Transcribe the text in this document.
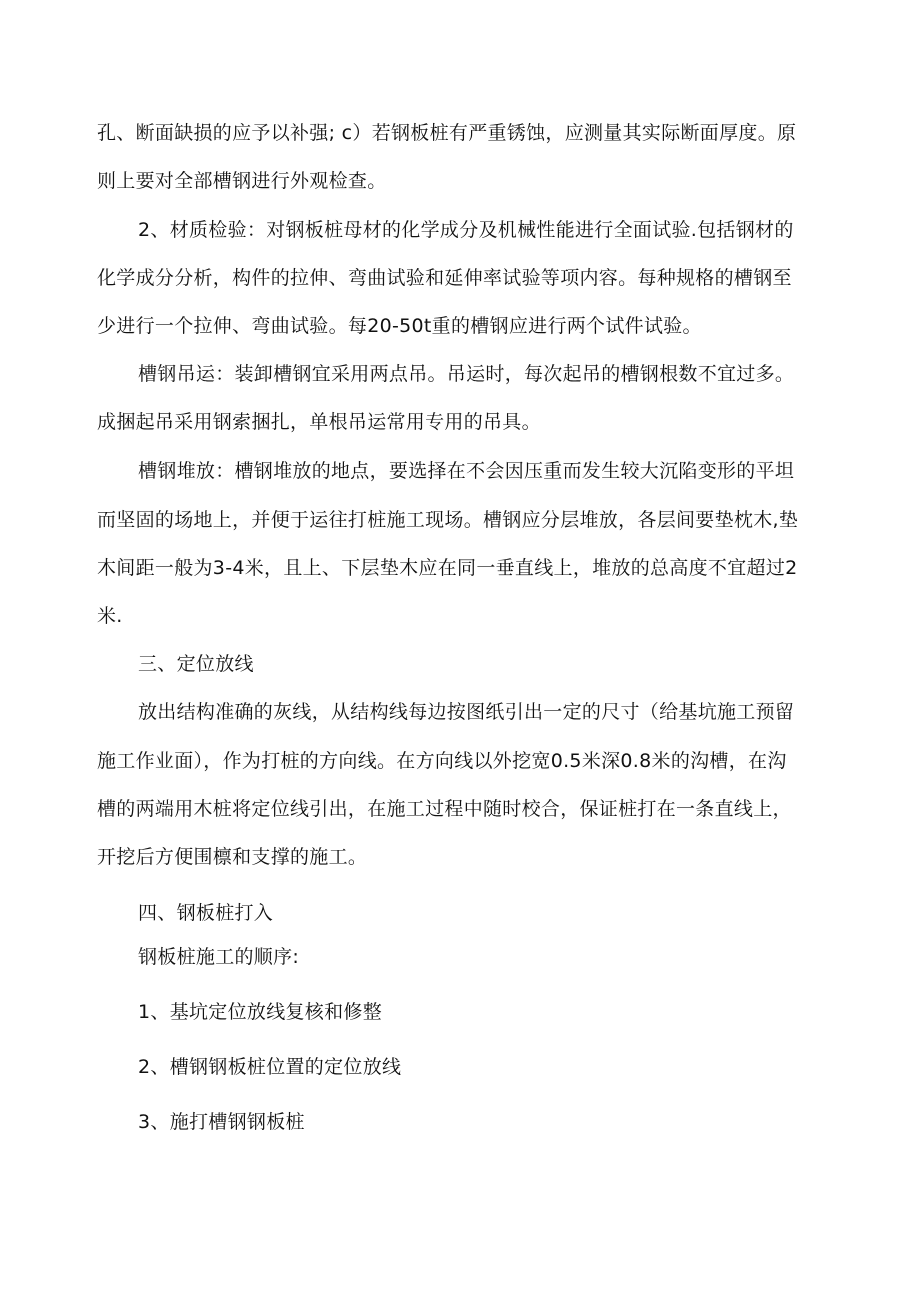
孔、断面缺损的应予以补强; c）若钢板桩有严重锈蚀，应测量其实际断面厚度。原
则上要对全部槽钢进行外观检查。
2、材质检验：对钢板桩母材的化学成分及机械性能进行全面试验.包括钢材的
化学成分分析，构件的拉伸、弯曲试验和延伸率试验等项内容。每种规格的槽钢至
少进行一个拉伸、弯曲试验。每20-50t重的槽钢应进行两个试件试验。
槽钢吊运：装卸槽钢宜采用两点吊。吊运时，每次起吊的槽钢根数不宜过多。
成捆起吊采用钢索捆扎，单根吊运常用专用的吊具。
槽钢堆放：槽钢堆放的地点，要选择在不会因压重而发生较大沉陷变形的平坦
而坚固的场地上，并便于运往打桩施工现场。槽钢应分层堆放，各层间要垫枕木,垫
木间距一般为3-4米，且上、下层垫木应在同一垂直线上，堆放的总高度不宜超过2
米.
三、定位放线
放出结构准确的灰线，从结构线每边按图纸引出一定的尺寸（给基坑施工预留
施工作业面），作为打桩的方向线。在方向线以外挖宽0.5米深0.8米的沟槽，在沟
槽的两端用木桩将定位线引出，在施工过程中随时校合，保证桩打在一条直线上，
开挖后方便围檩和支撑的施工。
四、钢板桩打入
钢板桩施工的顺序:
1、基坑定位放线复核和修整
2、槽钢钢板桩位置的定位放线
3、施打槽钢钢板桩
